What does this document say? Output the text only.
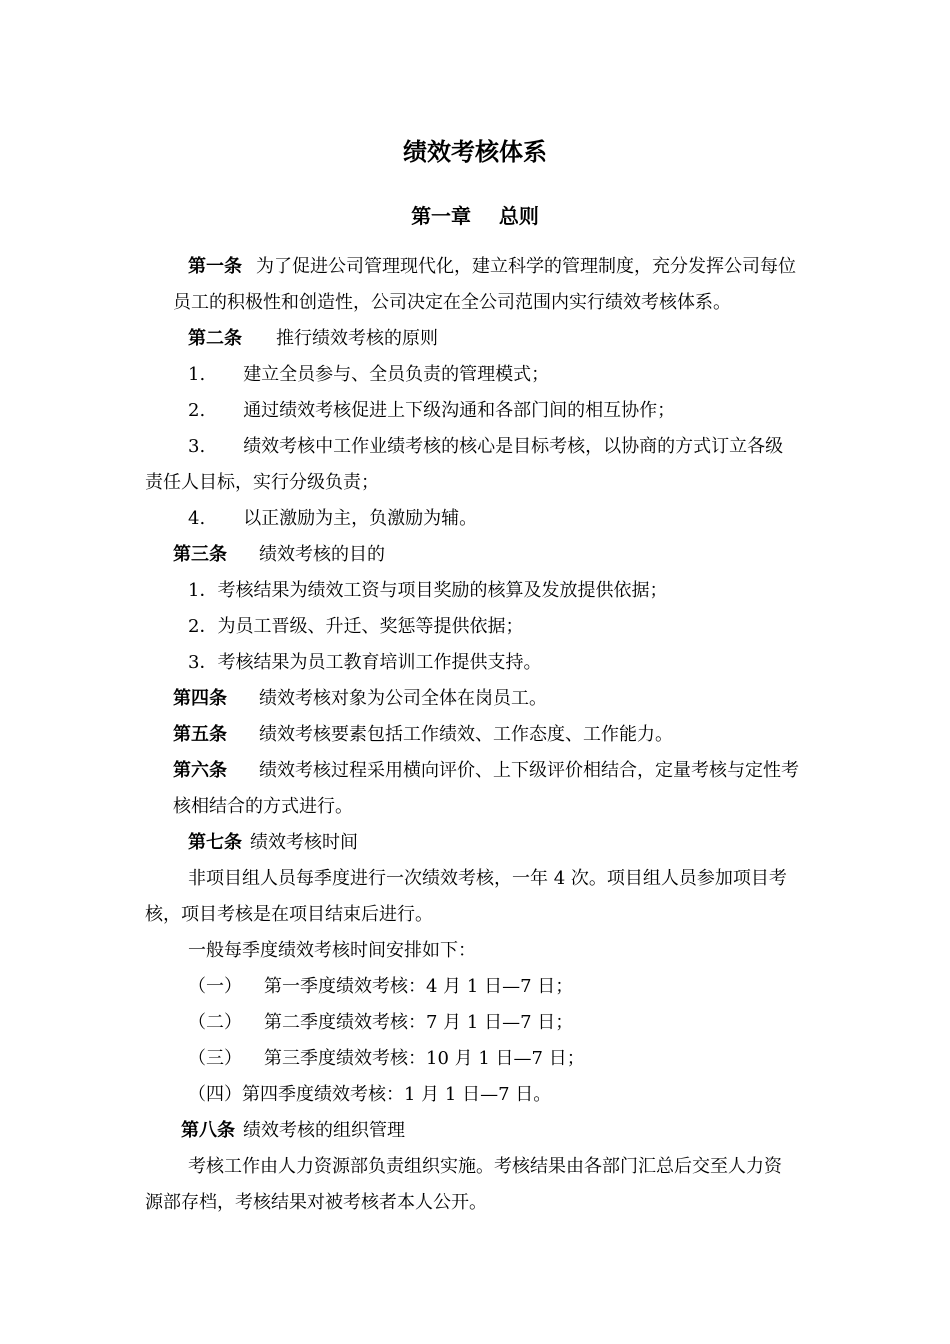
绩效考核体系
第一章    总则
第一条 为了促进公司管理现代化，建立科学的管理制度，充分发挥公司每位
员工的积极性和创造性，公司决定在全公司范围内实行绩效考核体系。
第二条 推行绩效考核的原则
1. 建立全员参与、全员负责的管理模式；
2. 通过绩效考核促进上下级沟通和各部门间的相互协作；
3. 绩效考核中工作业绩考核的核心是目标考核，以协商的方式订立各级
责任人目标，实行分级负责；
4. 以正激励为主，负激励为辅。
第三条 绩效考核的目的
1．考核结果为绩效工资与项目奖励的核算及发放提供依据；
2．为员工晋级、升迁、奖惩等提供依据；
3．考核结果为员工教育培训工作提供支持。
第四条 绩效考核对象为公司全体在岗员工。
第五条 绩效考核要素包括工作绩效、工作态度、工作能力。
第六条 绩效考核过程采用横向评价、上下级评价相结合，定量考核与定性考
核相结合的方式进行。
第七条 绩效考核时间
非项目组人员每季度进行一次绩效考核，一年 4 次。项目组人员参加项目考
核，项目考核是在项目结束后进行。
一般每季度绩效考核时间安排如下：
（一） 第一季度绩效考核：4 月 1 日—7 日；
（二） 第二季度绩效考核：7 月 1 日—7 日；
（三） 第三季度绩效考核：10 月 1 日—7 日；
（四）第四季度绩效考核：1 月 1 日—7 日。
第八条 绩效考核的组织管理
考核工作由人力资源部负责组织实施。考核结果由各部门汇总后交至人力资
源部存档，考核结果对被考核者本人公开。
